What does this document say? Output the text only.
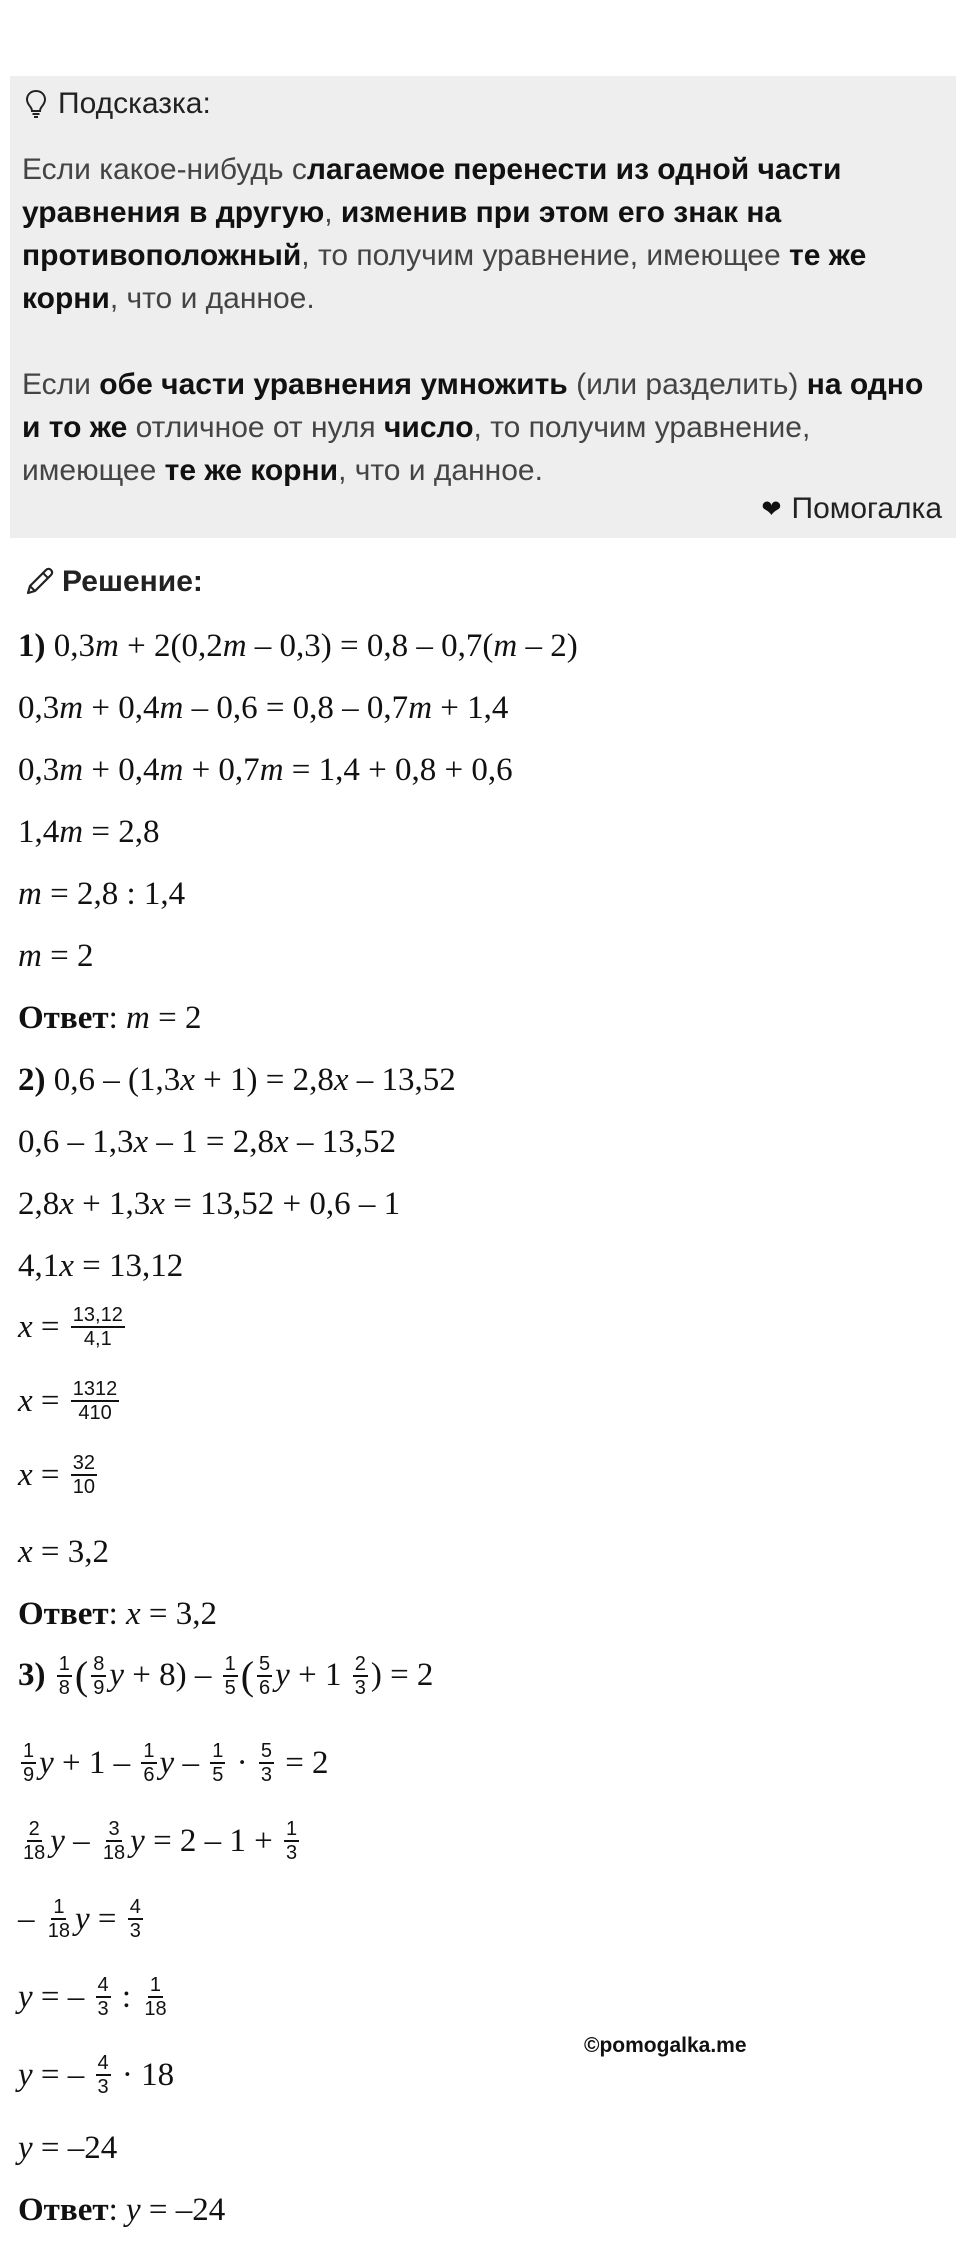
Подсказка:
Если какое-нибудь слагаемое перенести из одной части уравнения в другую, изменив при этом его знак на противоположный, то получим уравнение, имеющее те же корни, что и данное.
Если обе части уравнения умножить (или разделить) на одно и то же отличное от нуля число, то получим уравнение, имеющее те же корни, что и данное.
❤ Помогалка
Решение:
1) 0,3 m + 2(0,2 m – 0,3) = 0,8 – 0,7( m – 2)
0,3 m + 0,4 m – 0,6 = 0,8 – 0,7 m + 1,4
0,3 m + 0,4 m + 0,7 m = 1,4 + 0,8 + 0,6
1,4 m = 2,8
m = 2,8 : 1,4
m = 2
Ответ : m = 2
2) 0,6 – (1,3 x + 1) = 2,8 x – 13,52
0,6 – 1,3 x – 1 = 2,8 x – 13,52
2,8 x + 1,3 x = 13,52 + 0,6 – 1
4,1 x = 13,12
$x = \frac{13,12}{4,1}$
$x = \frac{1312}{410}$
$x = \frac{32}{10}$
x = 3,2
Ответ : x = 3,2
3)
$\frac{1}{8}$ ( $\frac{8}{9}$ $y + 8) - \frac{1}{5}$ ( $\frac{5}{6}$ $y + 1 \frac{2}{3}$ ) = 2
$\frac{1}{9}$ $y + 1 - \frac{1}{6}$ $y - \frac{1}{5} \cdot \frac{5}{3} = 2$
$\frac{2}{18}$ y – $\frac{3}{18}$ $y = 2 - 1 + \frac{1}{3}$
– $\frac{1}{18}$ $y = \frac{4}{3}$
y = – $\frac{4}{3}$ : $\frac{1}{18}$
y = – $\frac{4}{3} \cdot 18$
y = –24
Ответ : y = –24
©pomogalka.me
